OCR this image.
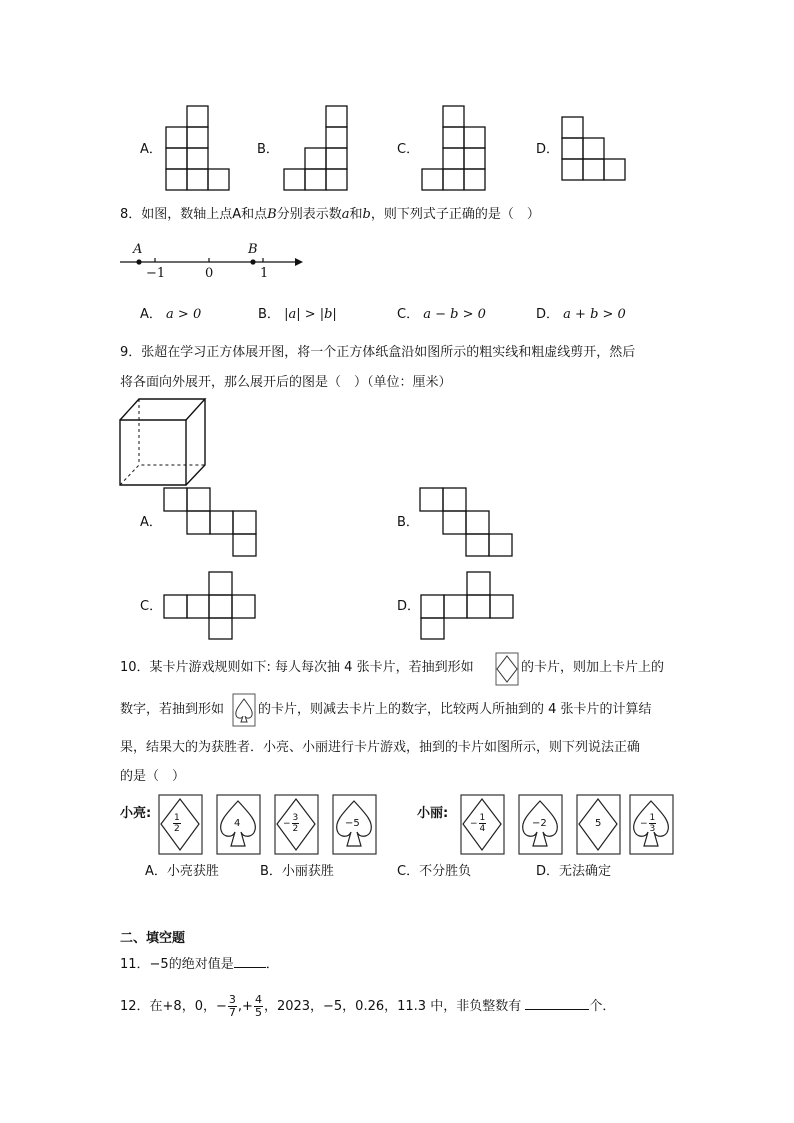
A．	B．	C．	D．
8．如图，数轴上点A和点B分别表示数a和b，则下列式子正确的是（　）
A	B
−1	0	1
A． a > 0	B． |a| > |b|	C． a − b > 0	D． a + b > 0
9．张超在学习正方体展开图，将一个正方体纸盒沿如图所示的粗实线和粗虚线剪开，然后
将各面向外展开，那么展开后的图是（　）（单位：厘米）
A．	B．
C．	D．
10．某卡片游戏规则如下: 每人每次抽 4 张卡片，若抽到形如	的卡片，则加上卡片上的
数字，若抽到形如	的卡片，则减去卡片上的数字，比较两人所抽到的 4 张卡片的计算结
果，结果大的为获胜者．小亮、小丽进行卡片游戏，抽到的卡片如图所示，则下列说法正确
的是（　）
小亮:	小丽:
$\frac{1}{2}$	4	− $\frac{3}{2}$	−5	− $\frac{1}{4}$	−2	5	− $\frac{1}{3}$
A．小亮获胜	B．小丽获胜	C．不分胜负	D．无法确定
二、填空题
11．−5的绝对值是 ．
12．在+8，0，− $\frac{3}{7}$ ,+ $\frac{4}{5}$ ，2023，−5，0.26，11.3 中，非负整数有	个．
